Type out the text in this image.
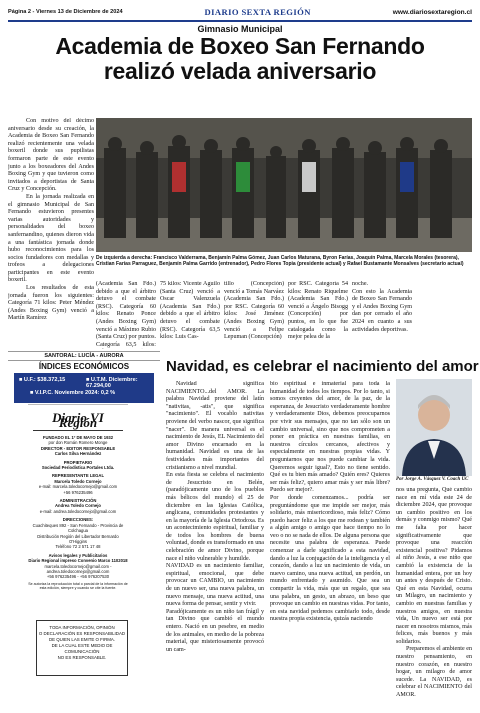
Página 2 - Viernes 13 de Diciembre de 2024	DIARIO SEXTA REGIÓN	www.diariosextaregion.cl
Gimnasio Municipal
Academia de Boxeo San Fernando
realizó velada aniversario

Con motivo del décimo aniversario desde su creación, la Academia de Boxeo San Fernando realizó recientemente una velada boxeril donde sus pupilistas formaron parte de este evento junto a los boxeadores del Andes Boxing Gym y que tuvieron como invitados a deportistas de Santa Cruz y Concepción.

En la jornada realizada en el gimnasio Municipal de San Fernando estuvieron presentes varias autoridades y personalidades del boxeo sanfernandino, quienes dieron vida a una fantástica jornada donde hubo reconocimientos para los socios fundadores con medallas y trofeos a delegaciones participantes en este evento boxeril.

Los resultados de esta jornada fueron los siguientes: Categoría 71 kilos: Peter Méndez (Andes Boxing Gym) venció a Martín Ramírez

De izquierda a derecha: Francisco Valderrama, Benjamín Palma Gómez, Juan Carlos Maturana, Byron Farías, Joaquín Palma, Marcela Morales (tesorera), Cristian Farías Parraguez, Benjamín Palma Garrido (entrenador), Pedro Flores Topia (presidente actual) y Rafael Bustamante Monsalves (secretario actual)

(Academia San Fdo.) debido a que el árbitro detuvo el combate (RSC). Categoría 60 kilos: Renato Ponce (Andes Boxing Gym) venció a Máximo Rubio (Santa Cruz) por puntos. Categoría 63,5 kilos:

75 kilos: Vicente Aguilo (Santa Cruz) venció a Oscar Valenzuela (Academia San Fdo.) debido a que el árbitro detuvo el combate (RSC). Categoría 63,5 kilos: Luis Cas-

tillo (Concepción) venció a Tomás Narváez (Academia San Fdo.) por RSC. Categoría 60 kilos: José Jiménez (Andes Boxing Gym) venció a Felipe Lepuman (Concepción)

por RSC. Categoría 54 kilos: Renato Riquelme (Academia San Fdo.) venció a Ángelo Bisogg (Concepción) por puntos, en lo que fue catalogada como la mejor pelea de la

noche.
Con esto la Academia de Boxeo San Fernando y el Andes Boxing Gym dan por cerrado el año 2024 en cuanto a sus actividades deportivas.

SANTORAL: LUCÍA - AURORA
ÍNDICES ECONÓMICOS
■ U.F.: $38.372,15	■ U.T.M. Diciembre: 67.294,00
■ V.I.P.C. Noviembre 2024: 0,2 %
Diario VI Región
FUNDADO EL 1º DE MAYO DE 1932
por don Román Romero Monge
DIRECTOR - EDITOR RESPONSABLE
Carlos Silva Hernández
PROPIETARIO
Sociedad Periodística Portales Ltda.
REPRESENTANTE LEGAL
Marcela Toledo Cornejo
e-mail: marcela.toledocornejo@gmail.com
+56 976235496
ADMINISTRACIÓN
Andrea Toledo Cornejo
e-mail: andrea.toledocornejo@gmail.com
DIRECCIONES:
Cuachiteques 892 - San Fernando - Provincia de Colchagua
Distribución Región del Libertador Bernardo O'Higgins
Teléfono 72 2 571 17 48
Avisos legales y Publicitarios
Diario Regional impreso Convenio Marco 1102018
marcela.toledocornejo@gmail.com - andrea.toledocornejo@gmail.com
+56 976235496 - +56 976207530
Se autoriza la reproducción total o parcial de la información de esta edición, siempre y cuando se cite la fuente.
TODA INFORMACIÓN, OPINIÓN
O DECLARACIÓN ES RESPONSABILIDAD
DE QUIEN LAS EMITE O FIRMA.
DE LA CUAL ESTE MEDIO DE COMUNICACIÓN
NO ES RESPONSABLE.
Navidad, es celebrar el nacimiento del amor

Navidad significa NACIMIENTO...del AMOR. La palabra Navidad proviene del latín "nativitas, -atis", que significa "nacimiento". El vocablo nativitas proviene del verbo nascor, que significa "nacer". De manera universal es el nacimiento de Jesús, EL Nacimiento del amor Divino encarnado en la humanidad. Navidad es una de las festividades más importantes del cristianismo a nivel mundial.
En esta fiesta se celebra el nacimiento de Jesucristo en Belén, (paradójicamente uno de los pueblos más bélicos del mundo) el 25 de diciembre en las Iglesias Católica, anglicana, comunidades protestantes y en la mayoría de la Iglesia Ortodoxa. Es un acontecimiento espiritual, familiar y de todos los hombres de buena voluntad, donde es transformado en una celebración de amor Divino, porque nace el niño vulnerable y humilde.
NAVIDAD es un nacimiento familiar, espiritual, emocional, que debe provocar un CAMBIO, un nacimiento de un nuevo ser, una nueva palabra, un nuevo mensaje, una nueva actitud, una nueva forma de pensar, sentir y vivir.
Paradójicamente es un niño tan frágil y tan Divino que cambió el mundo entero. Nació en un pesebre, en medio de los animales, en medio de la pobreza material, que misteriosamente provocó un cam-

bio espiritual e inmaterial para toda la humanidad de todos los tiempos. Por lo tanto, si somos creyentes del amor, de la paz, de la esperanza, de Jesucristo verdaderamente hombre y verdaderamente Dios, debemos preocuparnos por vivir sus mensajes, que no tan sólo son un cambio universal, sino que nos comprometen a poner en práctica en nuestras familias, en nuestros círculos cercanos, afectivos y especialmente en nuestras propias vidas. Y preguntarnos que nos puede cambiar la vida. Queremos seguir igual?, Esto no tiene sentido. Qué es tu bien más amado? Quién eres? Quieres ser más feliz?, quiero amar más y ser más libre? Puedo ser mejor?.
Por donde comenzamos... podría ser preguntándome que me impide ser mejor, más solidario, más misericordioso, más feliz? Cómo puedo hacer feliz a los que me rodean y también a algún amigo o amigo que hace tiempo no lo veo o no se nada de ellos. De alguna persona que necesite una palabra de esperanza. Puede comenzar a darle significado a esta navidad, dando a luz la conjugación de la inteligencia y el corazón, dando a luz un nacimiento de vida, un nuevo camino, una nueva actitud, un perdón, un mundo enfrentado y asumido. Que sea un compartir la vida, más que un regalo, que sea una palabra, un gesto, un abrazo, un beso que provoque un cambio en nuestras vidas. Por tanto, en esta navidad pedemos cambiarlo todo, desde nuestra propia existencia, quizás naciendo

Por Jorge A. Vásquez V. Coach UC

nos una pregunta, Qué cambio nace en mí vida este 24 de diciembre 2024, que provoque un cambio positivo en los demás y conmigo mismo? Qué me falta por hacer significativamente que provoque una reacción existencial positiva? Pidamos al niño Jesús, a ese niño que cambió la existencia de la humanidad entera, por un hoy un antes y después de Cristo. Qué en esta Navidad, ocurra un Milagro, un nacimiento y cambio en nuestras familias y nuestros amigos, en nuestra vida, Un nuevo ser está por nacer en nosotros mismos, más felices, más buenos y más solidarios.

Preparemos el ambiente en nuestro pensamiento, en nuestro corazón, en nuestro hogar, un milagro de amor sucede. La NAVIDAD, es celebrar el NACIMIENTO del AMOR.
